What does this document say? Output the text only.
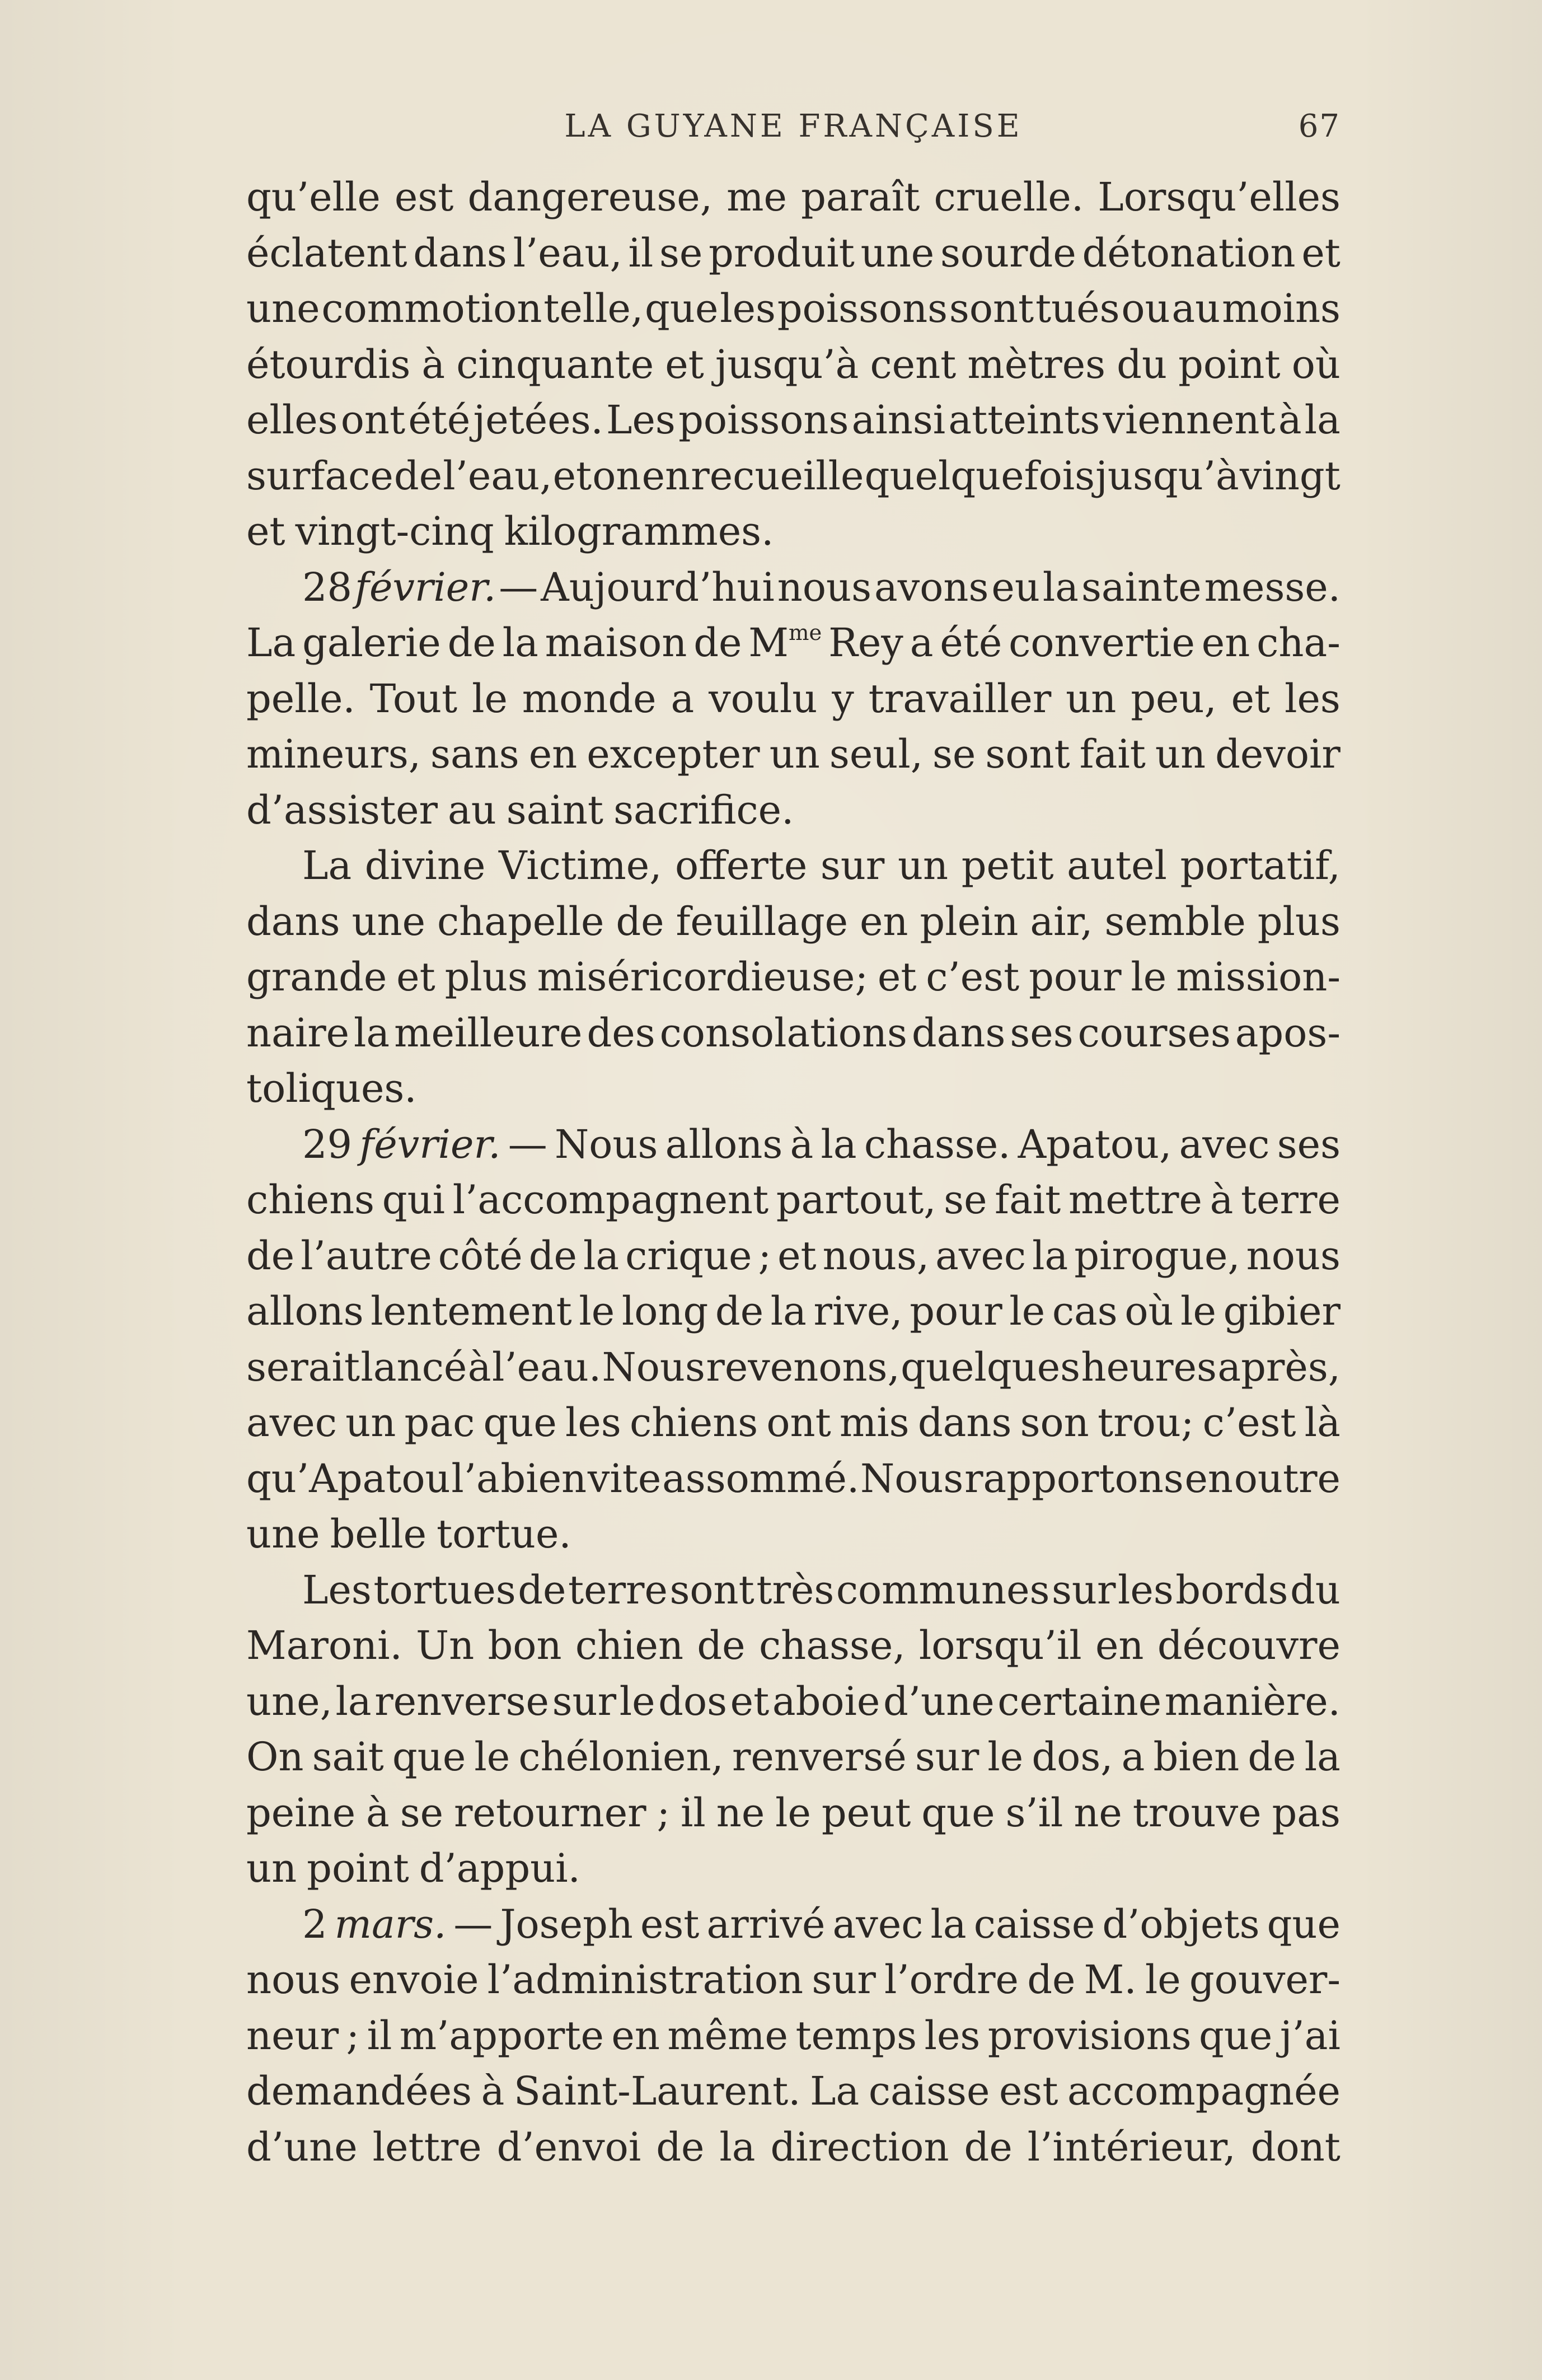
LA GUYANE FRANÇAISE	67
qu’elle est dangereuse, me paraît cruelle. Lorsqu’elles
éclatent dans l’eau, il se produit une sourde détonation et
une commotion telle, que les poissons sont tués ou au moins
étourdis à cinquante et jusqu’à cent mètres du point où
elles ont été jetées. Les poissons ainsi atteints viennent à la
surface de l’eau, et on en recueille quelquefois jusqu’à vingt
et vingt-cinq kilogrammes.
28 février. — Aujourd’hui nous avons eu la sainte messe.
La galerie de la maison de $M^{me}$ Rey a été convertie en cha-
pelle. Tout le monde a voulu y travailler un peu, et les
mineurs, sans en excepter un seul, se sont fait un devoir
d’assister au saint sacrifice.
La divine Victime, offerte sur un petit autel portatif,
dans une chapelle de feuillage en plein air, semble plus
grande et plus miséricordieuse; et c’est pour le mission-
naire la meilleure des consolations dans ses courses apos-
toliques.
29 février. — Nous allons à la chasse. Apatou, avec ses
chiens qui l’accompagnent partout, se fait mettre à terre
de l’autre côté de la crique ; et nous, avec la pirogue, nous
allons lentement le long de la rive, pour le cas où le gibier
serait lancé à l’eau. Nous revenons, quelques heures après,
avec un pac que les chiens ont mis dans son trou; c’est là
qu’Apatou l’a bien vite assommé. Nous rapportons en outre
une belle tortue.
Les tortues de terre sont très communes sur les bords du
Maroni. Un bon chien de chasse, lorsqu’il en découvre
une, la renverse sur le dos et aboie d’une certaine manière.
On sait que le chélonien, renversé sur le dos, a bien de la
peine à se retourner ; il ne le peut que s’il ne trouve pas
un point d’appui.
2 mars. — Joseph est arrivé avec la caisse d’objets que
nous envoie l’administration sur l’ordre de M. le gouver-
neur ; il m’apporte en même temps les provisions que j’ai
demandées à Saint-Laurent. La caisse est accompagnée
d’une lettre d’envoi de la direction de l’intérieur, dont
